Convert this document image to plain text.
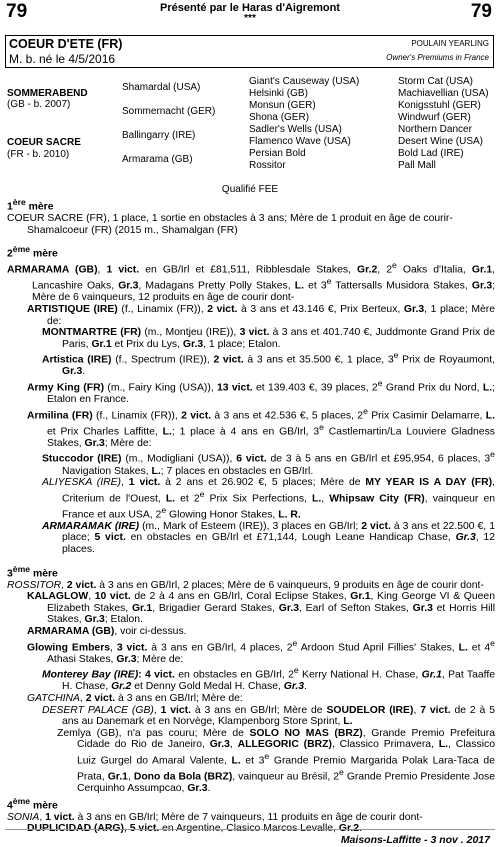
79	79
Présenté par le Haras d'Aigremont
***
COEUR D'ETE (FR)
M. b. né le 4/5/2016
POULAIN YEARLING
Owner's Premiums in France
SOMMERABEND
(GB - b. 2007)
COEUR SACRE
(FR - b. 2010)
Shamardal (USA)
Sommernacht (GER)
Ballingarry (IRE)
Armarama (GB)
Giant's Causeway (USA)
Helsinki (GB)
Monsun (GER)
Shona (GER)
Sadler's Wells (USA)
Flamenco Wave (USA)
Persian Bold
Rossitor
Storm Cat (USA)
Machiavellian (USA)
Konigsstuhl (GER)
Windwurf (GER)
Northern Dancer
Desert Wine (USA)
Bold Lad (IRE)
Pall Mall
Qualifié FEE
1ère mère

COEUR SACRE (FR), 1 place, 1 sortie en obstacles à 3 ans; Mère de 1 produit en âge de courir-

Shamalcoeur (FR) (2015 m., Shamalgan (FR)

2ème mère

ARMARAMA (GB), 1 vict. en GB/Irl et £81,511, Ribblesdale Stakes, Gr.2, 2e Oaks d'Italia, Gr.1, Lancashire Oaks, Gr.3, Madagans Pretty Polly Stakes, L. et 3e Tattersalls Musidora Stakes, Gr.3; Mère de 6 vainqueurs, 12 produits en âge de courir dont-

ARTISTIQUE (IRE) (f., Linamix (FR)), 2 vict. à 3 ans et 43.146 €, Prix Berteux, Gr.3, 1 place; Mère de:

MONTMARTRE (FR) (m., Montjeu (IRE)), 3 vict. à 3 ans et 401.740 €, Juddmonte Grand Prix de Paris, Gr.1 et Prix du Lys, Gr.3, 1 place; Etalon.

Artistica (IRE) (f., Spectrum (IRE)), 2 vict. à 3 ans et 35.500 €, 1 place, 3e Prix de Royaumont, Gr.3.

Army King (FR) (m., Fairy King (USA)), 13 vict. et 139.403 €, 39 places, 2e Grand Prix du Nord, L.; Etalon en France.

Armilina (FR) (f., Linamix (FR)), 2 vict. à 3 ans et 42.536 €, 5 places, 2e Prix Casimir Delamarre, L. et Prix Charles Laffitte, L.; 1 place à 4 ans en GB/Irl, 3e Castlemartin/La Louviere Gladness Stakes, Gr.3; Mère de:

Stuccodor (IRE) (m., Modigliani (USA)), 6 vict. de 3 à 5 ans en GB/Irl et £95,954, 6 places, 3e Navigation Stakes, L.; 7 places en obstacles en GB/Irl.

ALIYESKA (IRE), 1 vict. à 2 ans et 26.902 €, 5 places; Mère de MY YEAR IS A DAY (FR), Criterium de l'Ouest, L. et 2e Prix Six Perfections, L., Whipsaw City (FR), vainqueur en France et aux USA, 2e Glowing Honor Stakes, L. R.

ARMARAMAK (IRE) (m., Mark of Esteem (IRE)), 3 places en GB/Irl; 2 vict. à 3 ans et 22.500 €, 1 place; 5 vict. en obstacles en GB/Irl et £71,144, Lough Leane Handicap Chase, Gr.3, 12 places.

3ème mère

ROSSITOR, 2 vict. à 3 ans en GB/Irl, 2 places; Mère de 6 vainqueurs, 9 produits en âge de courir dont-

KALAGLOW, 10 vict. de 2 à 4 ans en GB/Irl, Coral Eclipse Stakes, Gr.1, King George VI & Queen Elizabeth Stakes, Gr.1, Brigadier Gerard Stakes, Gr.3, Earl of Sefton Stakes, Gr.3 et Horris Hill Stakes, Gr.3; Etalon.

ARMARAMA (GB), voir ci-dessus.

Glowing Embers, 3 vict. à 3 ans en GB/Irl, 4 places, 2e Ardoon Stud April Fillies' Stakes, L. et 4e Athasi Stakes, Gr.3; Mère de:

Monterey Bay (IRE): 4 vict. en obstacles en GB/Irl, 2e Kerry National H. Chase, Gr.1, Pat Taaffe H. Chase, Gr.2 et Denny Gold Medal H. Chase, Gr.3.

GATCHINA, 2 vict. à 3 ans en GB/Irl; Mère de:

DESERT PALACE (GB), 1 vict. à 3 ans en GB/Irl; Mère de SOUDELOR (IRE), 7 vict. de 2 à 5 ans au Danemark et en Norvège, Klampenborg Store Sprint, L.

Zemlya (GB), n'a pas couru; Mère de SOLO NO MAS (BRZ), Grande Premio Prefeitura Cidade do Rio de Janeiro, Gr.3, ALLEGORIC (BRZ), Classico Primavera, L., Classico Luiz Gurgel do Amaral Valente, L. et 3e Grande Premio Margarida Polak Lara-Taca de Prata, Gr.1, Dono da Bola (BRZ), vainqueur au Brésil, 2e Grande Premio Presidente Jose Cerquinho Assumpcao, Gr.3.

4ème mère

SONIA, 1 vict. à 3 ans en GB/Irl; Mère de 7 vainqueurs, 11 produits en âge de courir dont-

DUPLICIDAD (ARG), 5 vict. en Argentine, Clasico Marcos Levalle, Gr.2.

Maisons-Laffitte - 3 nov . 2017
